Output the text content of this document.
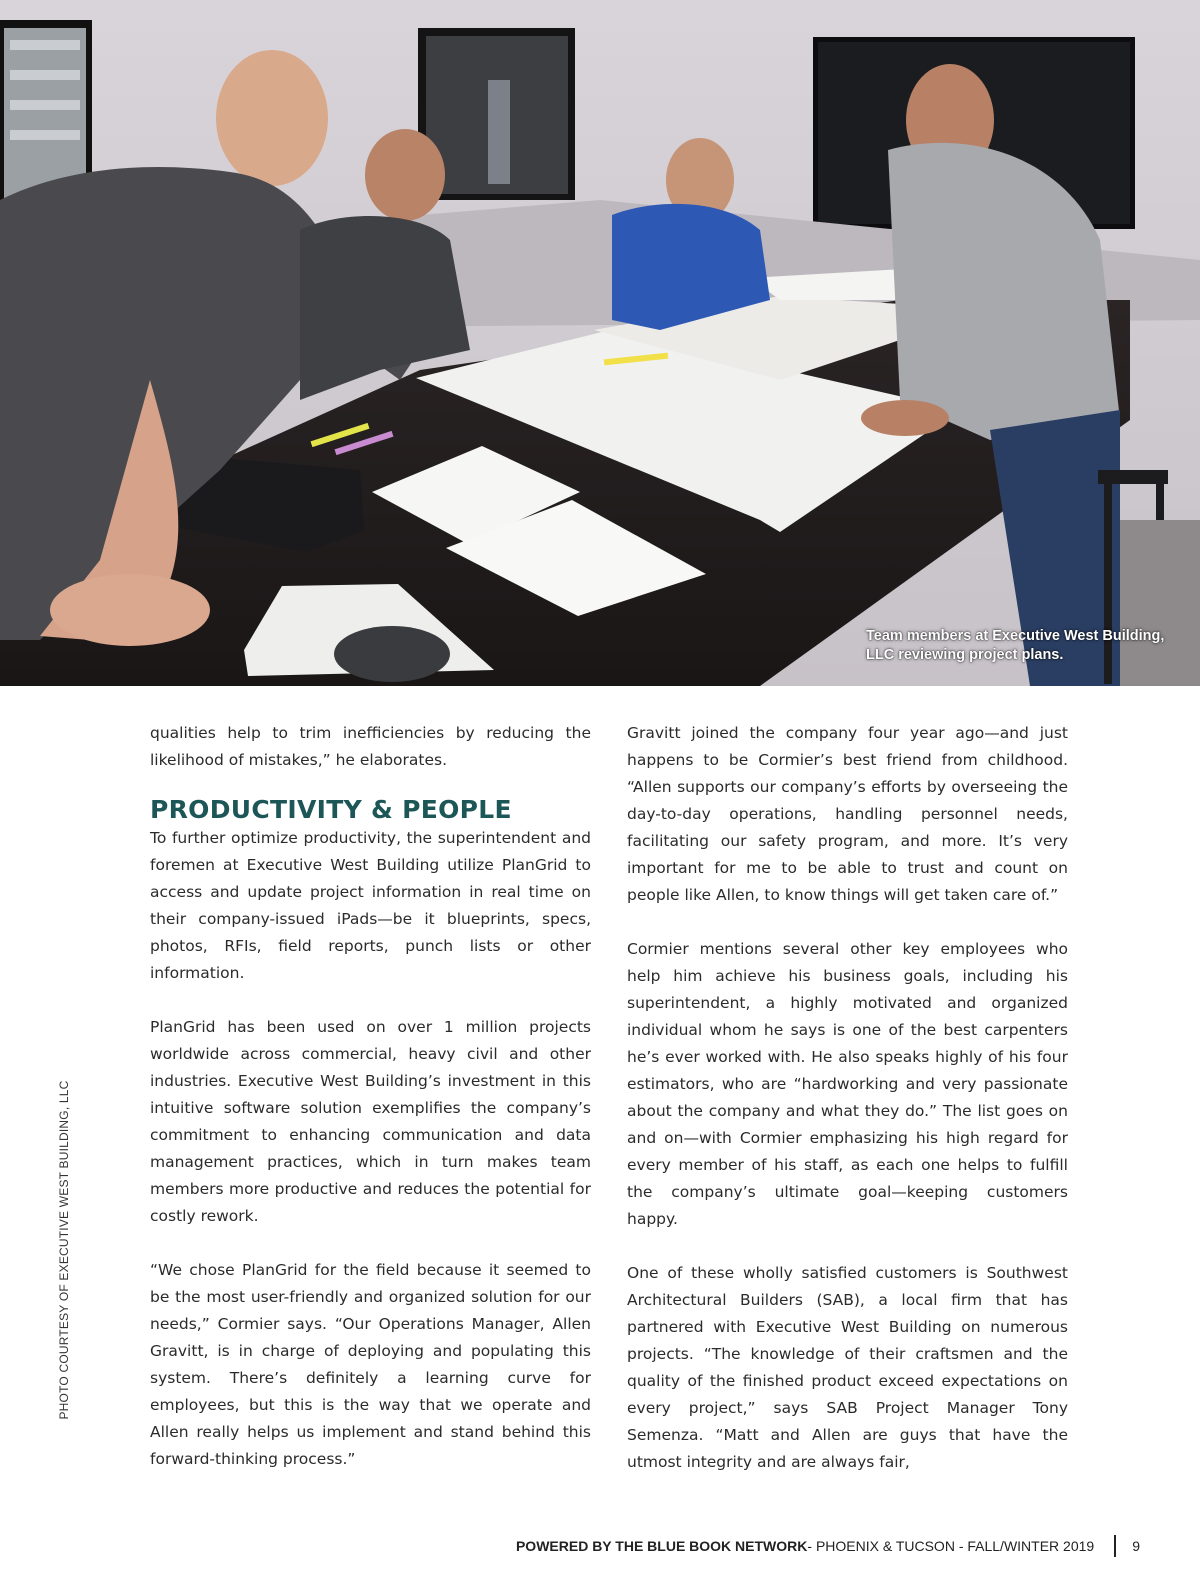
Team members at Executive West Building, LLC reviewing project plans.
PHOTO COURTESY OF EXECUTIVE WEST BUILDING, LLC

qualities help to trim inefficiencies by reducing the likelihood of mistakes,” he elaborates.

PRODUCTIVITY & PEOPLE

To further optimize productivity, the superintendent and foremen at Executive West Building utilize PlanGrid to access and update project information in real time on their company-issued iPads—be it blueprints, specs, photos, RFIs, field reports, punch lists or other information.

PlanGrid has been used on over 1 million projects worldwide across commercial, heavy civil and other industries. Executive West Building’s investment in this intuitive software solution exemplifies the company’s commitment to enhancing communication and data management practices, which in turn makes team members more productive and reduces the potential for costly rework.

“We chose PlanGrid for the field because it seemed to be the most user-friendly and organized solution for our needs,” Cormier says. “Our Operations Manager, Allen Gravitt, is in charge of deploying and populating this system. There’s definitely a learning curve for employees, but this is the way that we operate and Allen really helps us implement and stand behind this forward-thinking process.”

Gravitt joined the company four year ago—and just happens to be Cormier’s best friend from childhood. “Allen supports our company’s efforts by overseeing the day-to-day operations, handling personnel needs, facilitating our safety program, and more. It’s very important for me to be able to trust and count on people like Allen, to know things will get taken care of.”

Cormier mentions several other key employees who help him achieve his business goals, including his superintendent, a highly motivated and organized individual whom he says is one of the best carpenters he’s ever worked with. He also speaks highly of his four estimators, who are “hardworking and very passionate about the company and what they do.” The list goes on and on—with Cormier emphasizing his high regard for every member of his staff, as each one helps to fulfill the company’s ultimate goal—keeping customers happy.

One of these wholly satisfied customers is Southwest Architectural Builders (SAB), a local firm that has partnered with Executive West Building on numerous projects. “The knowledge of their craftsmen and the quality of the finished product exceed expectations on every project,” says SAB Project Manager Tony Semenza. “Matt and Allen are guys that have the utmost integrity and are always fair,

POWERED BY THE BLUE BOOK NETWORK - PHOENIX & TUCSON - FALL/WINTER 2019	9
